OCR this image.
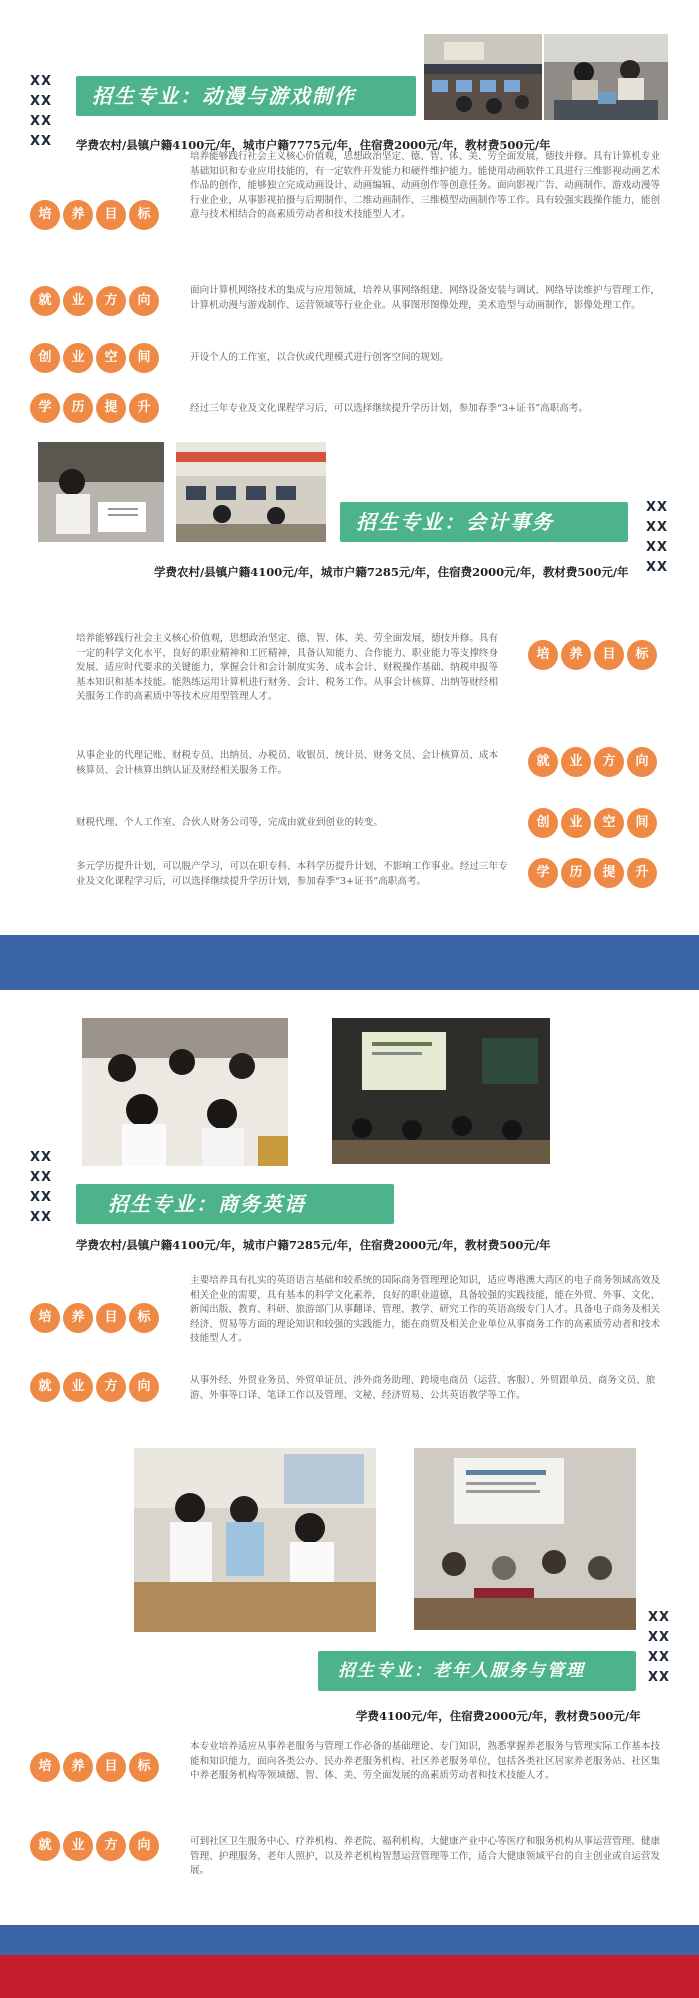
XX
XX
XX
XX
招生专业：动漫与游戏制作
学费农村/县镇户籍4100元/年，城市户籍7775元/年，住宿费2000元/年，教材费500元/年
培	养	目	标
培养能够践行社会主义核心价值观，思想政治坚定、德、智、体、美、劳全面发展，德技并修。具有计算机专业基础知识和专业应用技能的，有一定软件开发能力和硬件维护能力。能使用动画软件工具进行三维影视动画艺术作品的创作，能够独立完成动画设计、动画编辑、动画创作等创意任务。面向影视广告、动画制作、游戏动漫等行业企业，从事影视拍摄与后期制作、二维动画制作、三维模型动画制作等工作。具有较强实践操作能力，能创意与技术相结合的高素质劳动者和技术技能型人才。
就	业	方	向
面向计算机网络技术的集成与应用领域，培养从事网络组建、网络设备安装与调试、网络导读维护与管理工作，计算机动漫与游戏制作、运营领域等行业企业。从事图形图像处理，美术造型与动画制作，影像处理工作。
创	业	空	间	开设个人的工作室，以合伙或代理模式进行创客空间的规划。
学	历	提	升	经过三年专业及文化课程学习后，可以选择继续提升学历计划，参加春季“3+证书”高职高考。
XX
XX
XX
XX
招生专业：会计事务
学费农村/县镇户籍4100元/年，城市户籍7285元/年，住宿费2000元/年，教材费500元/年
培养能够践行社会主义核心价值观，思想政治坚定、德、智、体、美、劳全面发展，德技并修。具有一定的科学文化水平，良好的职业精神和工匠精神，具备认知能力、合作能力、职业能力等支撑终身发展、适应时代要求的关键能力，掌握会计和会计制度实务、成本会计、财税操作基础、纳税申报等基本知识和基本技能。能熟练运用计算机进行财务、会计、税务工作。从事会计核算、出纳等财经相关服务工作的高素质中等技术应用型管理人才。
培	养	目	标
从事企业的代理记账、财税专员、出纳员、办税员、收银员、统计员、财务文员、会计核算员、成本核算员、会计核算出纳认证及财经相关服务工作。
就	业	方	向
财税代理、个人工作室、合伙人财务公司等，完成由就业到创业的转变。	创	业	空	间
多元学历提升计划，可以脱产学习，可以在职专科、本科学历提升计划，不影响工作事业。经过三年专业及文化课程学习后，可以选择继续提升学历计划，参加春季“3+证书”高职高考。
学	历	提	升
XX
XX
XX
XX
招生专业：商务英语
学费农村/县镇户籍4100元/年，城市户籍7285元/年，住宿费2000元/年，教材费500元/年
培	养	目	标
主要培养具有扎实的英语语言基础和较系统的国际商务管理理论知识，适应粤港澳大湾区的电子商务领域高效及相关企业的需要，具有基本的科学文化素养，良好的职业道德，具备较强的实践技能，能在外贸、外事、文化、新闻出版、教育、科研、旅游部门从事翻译、管理、教学、研究工作的英语高级专门人才。具备电子商务及相关经济、贸易等方面的理论知识和较强的实践能力，能在商贸及相关企业单位从事商务工作的高素质劳动者和技术技能型人才。
就	业	方	向	从事外经、外贸业务员、外贸单证员、涉外商务助理、跨境电商员（运营、客服）、外贸跟单员、商务文员、旅游、外事等口译、笔译工作以及管理、文秘、经济贸易、公共英语教学等工作。
XX
XX
XX
XX
招生专业：老年人服务与管理
学费4100元/年，住宿费2000元/年，教材费500元/年
培	养	目	标
本专业培养适应从事养老服务与管理工作必备的基础理论、专门知识，熟悉掌握养老服务与管理实际工作基本技能和知识能力，面向各类公办、民办养老服务机构、社区养老服务单位，包括各类社区居家养老服务站、社区集中养老服务机构等领域德、智、体、美、劳全面发展的高素质劳动者和技术技能人才。
就	业	方	向	可到社区卫生服务中心、疗养机构、养老院、福利机构、大健康产业中心等医疗和服务机构从事运营管理、健康管理、护理服务、老年人照护，以及养老机构智慧运营管理等工作，适合大健康领域平台的自主创业或自运营发展。
